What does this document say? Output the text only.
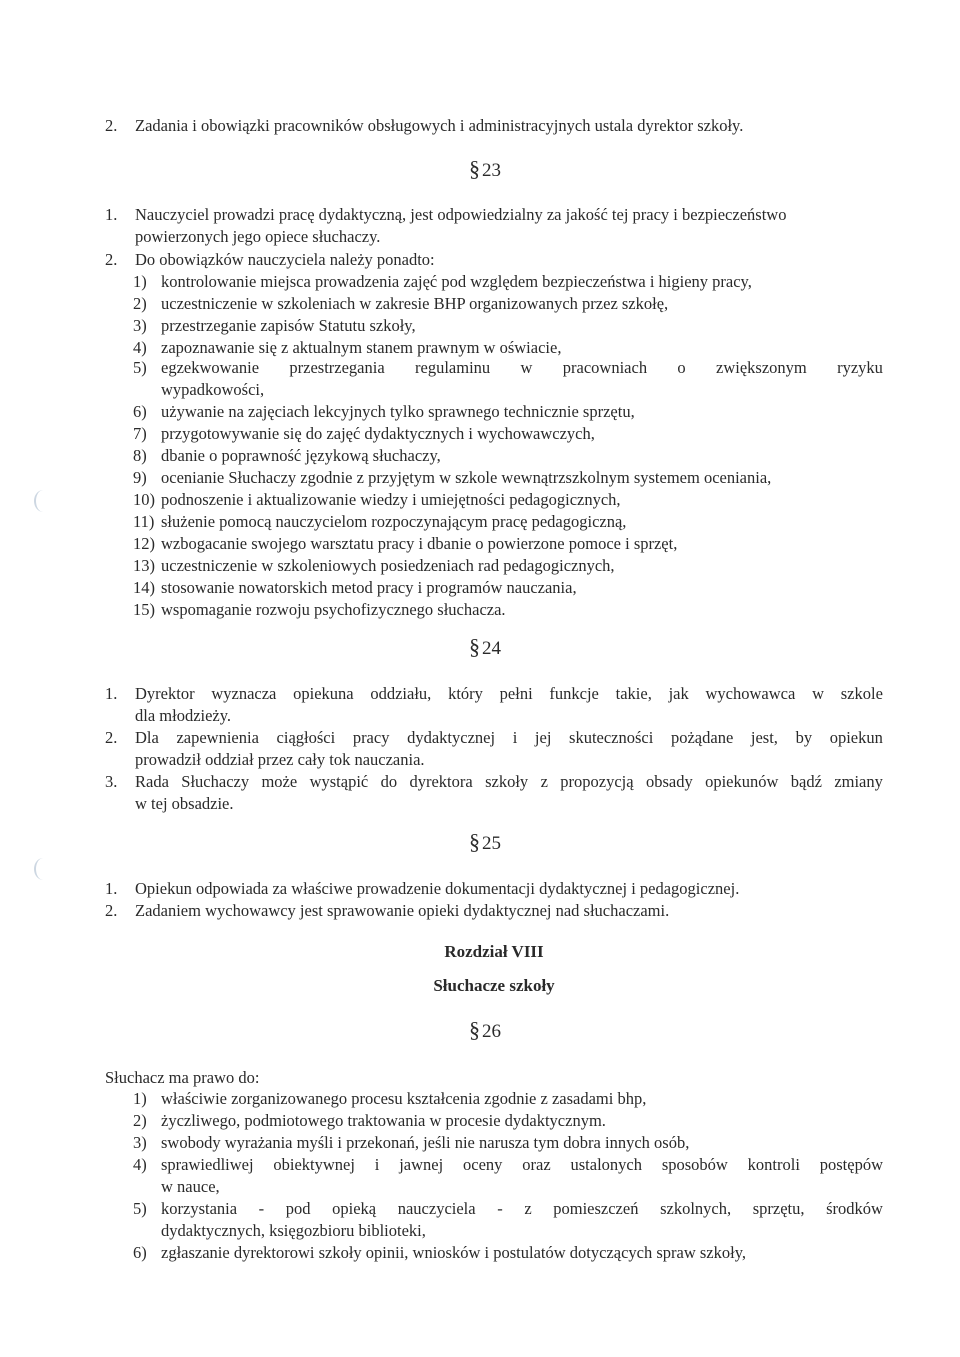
2.	Zadania i obowiązki pracowników obsługowych i administracyjnych ustala dyrektor szkoły.
§ 23
1.	Nauczyciel prowadzi pracę dydaktyczną, jest odpowiedzialny za jakość tej pracy i bezpieczeństwo
powierzonych jego opiece słuchaczy.
2.	Do obowiązków nauczyciela należy ponadto:
1) kontrolowanie miejsca prowadzenia zajęć pod względem bezpieczeństwa i higieny pracy,
2) uczestniczenie w szkoleniach w zakresie BHP organizowanych przez szkołę,
3) przestrzeganie zapisów Statutu szkoły,
4) zapoznawanie się z aktualnym stanem prawnym w oświacie,
5) egzekwowanie przestrzegania regulaminu w pracowniach o zwiększonym ryzyku
wypadkowości,
6) używanie na zajęciach lekcyjnych tylko sprawnego technicznie sprzętu,
7) przygotowywanie się do zajęć dydaktycznych i wychowawczych,
8) dbanie o poprawność językową słuchaczy,
9) ocenianie Słuchaczy zgodnie z przyjętym w szkole wewnątrzszkolnym systemem oceniania,
10) podnoszenie i aktualizowanie wiedzy i umiejętności pedagogicznych,
11) służenie pomocą nauczycielom rozpoczynającym pracę pedagogiczną,
12) wzbogacanie swojego warsztatu pracy i dbanie o powierzone pomoce i sprzęt,
13) uczestniczenie w szkoleniowych posiedzeniach rad pedagogicznych,
14) stosowanie nowatorskich metod pracy i programów nauczania,
15) wspomaganie rozwoju psychofizycznego słuchacza.
§ 24
1.	Dyrektor wyznacza opiekuna oddziału, który pełni funkcje takie, jak wychowawca w szkole
dla młodzieży.
2.	Dla zapewnienia ciągłości pracy dydaktycznej i jej skuteczności pożądane jest, by opiekun
prowadził oddział przez cały tok nauczania.
3.	Rada Słuchaczy może wystąpić do dyrektora szkoły z propozycją obsady opiekunów bądź zmiany
w tej obsadzie.
§ 25
1.	Opiekun odpowiada za właściwe prowadzenie dokumentacji dydaktycznej i pedagogicznej.
2.	Zadaniem wychowawcy jest sprawowanie opieki dydaktycznej nad słuchaczami.
Rozdział VIII
Słuchacze szkoły
§ 26
Słuchacz ma prawo do:
1) właściwie zorganizowanego procesu kształcenia zgodnie z zasadami bhp,
2) życzliwego, podmiotowego traktowania w procesie dydaktycznym.
3) swobody wyrażania myśli i przekonań, jeśli nie narusza tym dobra innych osób,
4) sprawiedliwej obiektywnej i jawnej oceny oraz ustalonych sposobów kontroli postępów
w nauce,
5) korzystania - pod opieką nauczyciela - z pomieszczeń szkolnych, sprzętu, środków
dydaktycznych, księgozbioru biblioteki,
6) zgłaszanie dyrektorowi szkoły opinii, wniosków i postulatów dotyczących spraw szkoły,
